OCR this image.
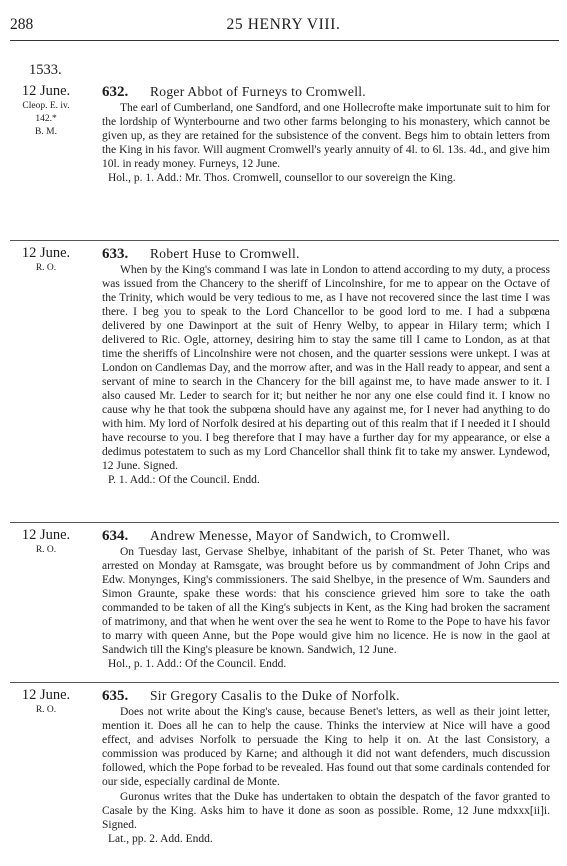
288	25 HENRY VIII.
1533.
12 June.
Cleop. E. iv.
142.*
B. M.
632. Roger Abbot of Furneys to Cromwell.

The earl of Cumberland, one Sandford, and one Hollecrofte make importunate suit to him for the lordship of Wynterbourne and two other farms belonging to his monastery, which cannot be given up, as they are retained for the subsistence of the convent. Begs him to obtain letters from the King in his favor. Will augment Cromwell's yearly annuity of 4l. to 6l. 13s. 4d., and give him 10l. in ready money. Furneys, 12 June.

Hol., p. 1. Add.: Mr. Thos. Cromwell, counsellor to our sovereign the King.
12 June.
R. O.
633. Robert Huse to Cromwell.

When by the King's command I was late in London to attend according to my duty, a process was issued from the Chancery to the sheriff of Lincolnshire, for me to appear on the Octave of the Trinity, which would be very tedious to me, as I have not recovered since the last time I was there. I beg you to speak to the Lord Chancellor to be good lord to me. I had a subpœna delivered by one Dawinport at the suit of Henry Welby, to appear in Hilary term; which I delivered to Ric. Ogle, attorney, desiring him to stay the same till I came to London, as at that time the sheriffs of Lincolnshire were not chosen, and the quarter sessions were unkept. I was at London on Candlemas Day, and the morrow after, and was in the Hall ready to appear, and sent a servant of mine to search in the Chancery for the bill against me, to have made answer to it. I also caused Mr. Leder to search for it; but neither he nor any one else could find it. I know no cause why he that took the subpœna should have any against me, for I never had anything to do with him. My lord of Norfolk desired at his departing out of this realm that if I needed it I should have recourse to you. I beg therefore that I may have a further day for my appearance, or else a dedimus potestatem to such as my Lord Chancellor shall think fit to take my answer. Lyndewod, 12 June. Signed.

P. 1. Add.: Of the Council. Endd.
12 June.
R. O.
634. Andrew Menesse, Mayor of Sandwich, to Cromwell.

On Tuesday last, Gervase Shelbye, inhabitant of the parish of St. Peter Thanet, who was arrested on Monday at Ramsgate, was brought before us by commandment of John Crips and Edw. Monynges, King's commissioners. The said Shelbye, in the presence of Wm. Saunders and Simon Graunte, spake these words: that his conscience grieved him sore to take the oath commanded to be taken of all the King's subjects in Kent, as the King had broken the sacrament of matrimony, and that when he went over the sea he went to Rome to the Pope to have his favor to marry with queen Anne, but the Pope would give him no licence. He is now in the gaol at Sandwich till the King's pleasure be known. Sandwich, 12 June.

Hol., p. 1. Add.: Of the Council. Endd.
12 June.
R. O.
635. Sir Gregory Casalis to the Duke of Norfolk.

Does not write about the King's cause, because Benet's letters, as well as their joint letter, mention it. Does all he can to help the cause. Thinks the interview at Nice will have a good effect, and advises Norfolk to persuade the King to help it on. At the last Consistory, a commission was produced by Karne; and although it did not want defenders, much discussion followed, which the Pope forbad to be revealed. Has found out that some cardinals contended for our side, especially cardinal de Monte.

Guronus writes that the Duke has undertaken to obtain the despatch of the favor granted to Casale by the King. Asks him to have it done as soon as possible. Rome, 12 June mdxxx[ii]i. Signed.

Lat., pp. 2. Add. Endd.
